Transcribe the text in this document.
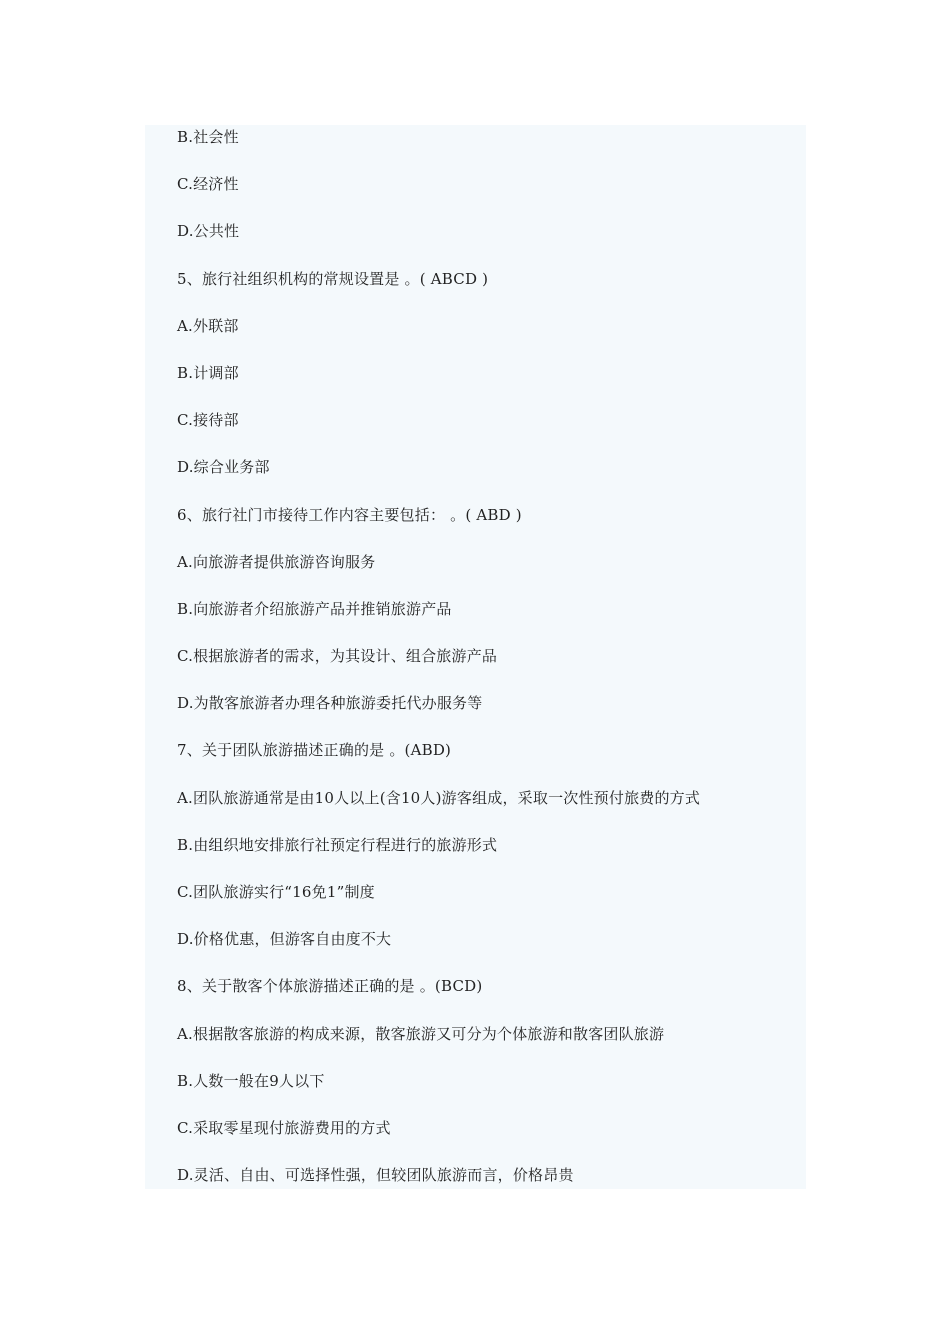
B.社会性
C.经济性
D.公共性
5、旅行社组织机构的常规设置是 。( ABCD )
A.外联部
B.计调部
C.接待部
D.综合业务部
6、旅行社门市接待工作内容主要包括： 。( ABD )
A.向旅游者提供旅游咨询服务
B.向旅游者介绍旅游产品并推销旅游产品
C.根据旅游者的需求，为其设计、组合旅游产品
D.为散客旅游者办理各种旅游委托代办服务等
7、关于团队旅游描述正确的是 。(ABD)
A.团队旅游通常是由10人以上(含10人)游客组成，采取一次性预付旅费的方式
B.由组织地安排旅行社预定行程进行的旅游形式
C.团队旅游实行“16免1”制度
D.价格优惠，但游客自由度不大
8、关于散客个体旅游描述正确的是 。(BCD)
A.根据散客旅游的构成来源，散客旅游又可分为个体旅游和散客团队旅游
B.人数一般在9人以下
C.采取零星现付旅游费用的方式
D.灵活、自由、可选择性强，但较团队旅游而言，价格昂贵
